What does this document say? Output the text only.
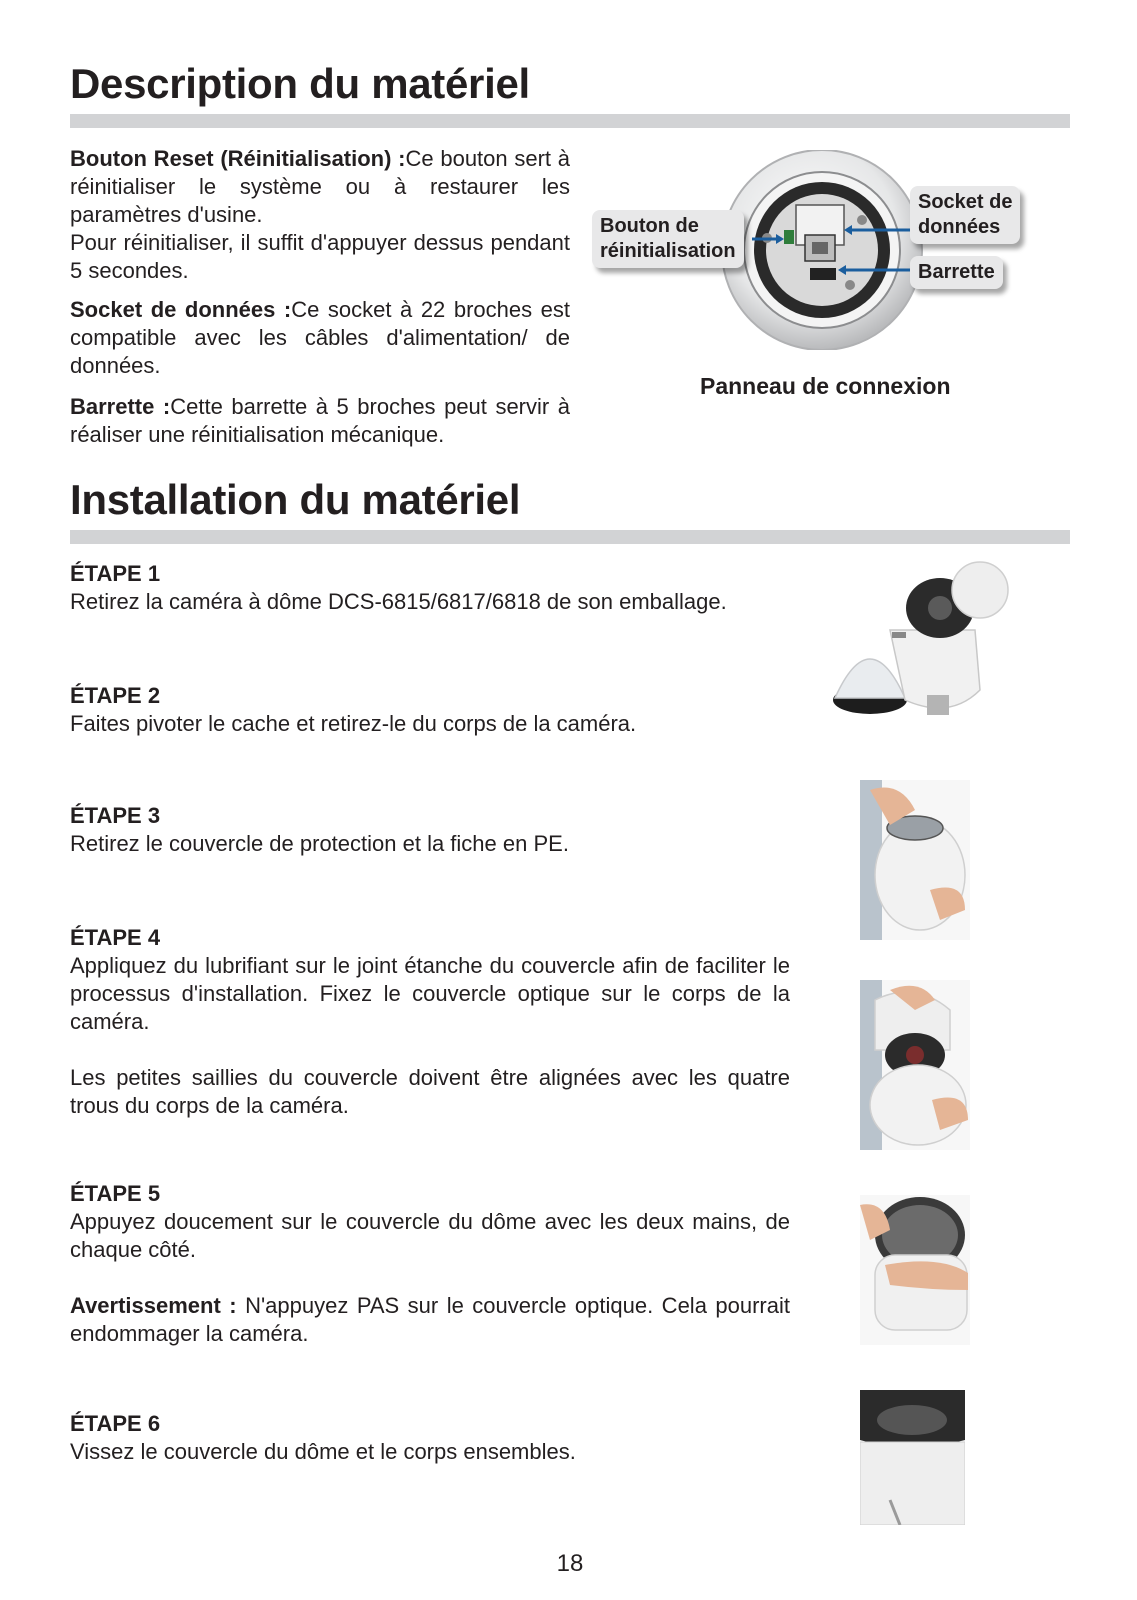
Description du matériel

Bouton Reset (Réinitialisation) :Ce bouton sert à réinitialiser le système ou à restaurer les paramètres d'usine.
Pour réinitialiser, il suffit d'appuyer dessus pendant 5 secondes.

Socket de données :Ce socket à 22 broches est compatible avec les câbles d'alimentation/ de données.

Barrette :Cette barrette à 5 broches peut servir à réaliser une réinitialisation mécanique.

Bouton de
réinitialisation
Socket de
données
Barrette

Panneau de connexion

Installation du matériel

ÉTAPE 1

Retirez la caméra à dôme DCS-6815/6817/6818 de son emballage.

ÉTAPE 2

Faites pivoter le cache et retirez-le du corps de la caméra.

ÉTAPE 3

Retirez le couvercle de protection et la fiche en PE.

ÉTAPE 4

Appliquez du lubrifiant sur le joint étanche du couvercle afin de faciliter le processus d'installation. Fixez le couvercle optique sur le corps de la caméra.

Les petites saillies du couvercle doivent être alignées avec les quatre trous du corps de la caméra.

ÉTAPE 5

Appuyez doucement sur le couvercle du dôme avec les deux mains, de chaque côté.

Avertissement : N'appuyez PAS sur le couvercle optique. Cela pourrait endommager la caméra.

ÉTAPE 6

Vissez le couvercle du dôme et le corps ensembles.

18
